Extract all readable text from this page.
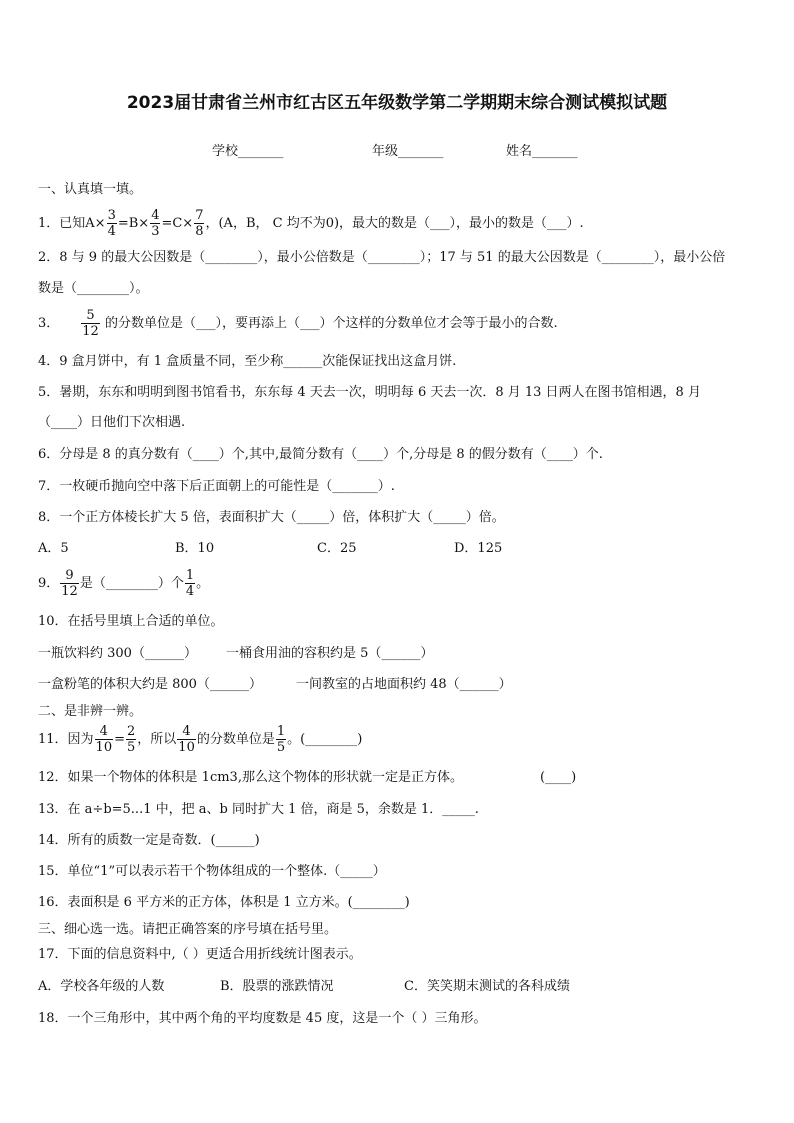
2023届甘肃省兰州市红古区五年级数学第二学期期末综合测试模拟试题
学校_______	年级_______	姓名_______
一、认真填一填。
1．已知$A\times \frac{3}{4} =B\times \frac{4}{3} =C\times \frac{7}{8}$ ，(A，B， C 均不为0)，最大的数是（___），最小的数是（___）.
2．8 与 9 的最大公因数是（________），最小公倍数是（________）；17 与 51 的最大公因数是（________），最小公倍
数是（________）。
3． $\frac{5}{12}$ 的分数单位是（___），要再添上（___）个这样的分数单位才会等于最小的合数.
4．9 盒月饼中，有 1 盒质量不同，至少称______次能保证找出这盒月饼.
5．暑期，东东和明明到图书馆看书，东东每 4 天去一次，明明每 6 天去一次．8 月 13 日两人在图书馆相遇，8 月
（____）日他们下次相遇.
6．分母是 8 的真分数有（____）个,其中,最简分数有（____）个,分母是 8 的假分数有（____）个.
7．一枚硬币抛向空中落下后正面朝上的可能性是（_______）.
8．一个正方体棱长扩大 5 倍，表面积扩大（_____）倍，体积扩大（_____）倍。
A．5	B．10	C．25	D．125
9． $\frac{9}{12}$ 是（________）个 $\frac{1}{4}$ 。
10．在括号里填上合适的单位。
一瓶饮料约 300（______） 一桶食用油的容积约是 5（______）
一盒粉笔的体积大约是 800（______）	一间教室的占地面积约 48（______）
二、是非辨一辨。
11．因为 $\frac{4}{10} = \frac{2}{5}$ ，所以 $\frac{4}{10}$ 的分数单位是 $\frac{1}{5}$ 。(________)
12．如果一个物体的体积是 1cm3,那么这个物体的形状就一定是正方体。	(____)
13．在 a÷b=5...1 中，把 a、b 同时扩大 1 倍，商是 5，余数是 1．_____.
14．所有的质数一定是奇数．(______)
15．单位“1”可以表示若干个物体组成的一个整体.（_____）
16．表面积是 6 平方米的正方体，体积是 1 立方米。(________)
三、细心选一选。请把正确答案的序号填在括号里。
17．下面的信息资料中,（ ）更适合用折线统计图表示。
A．学校各年级的人数	B．股票的涨跌情况	C．笑笑期末测试的各科成绩
18．一个三角形中，其中两个角的平均度数是 45 度，这是一个（ ）三角形。
